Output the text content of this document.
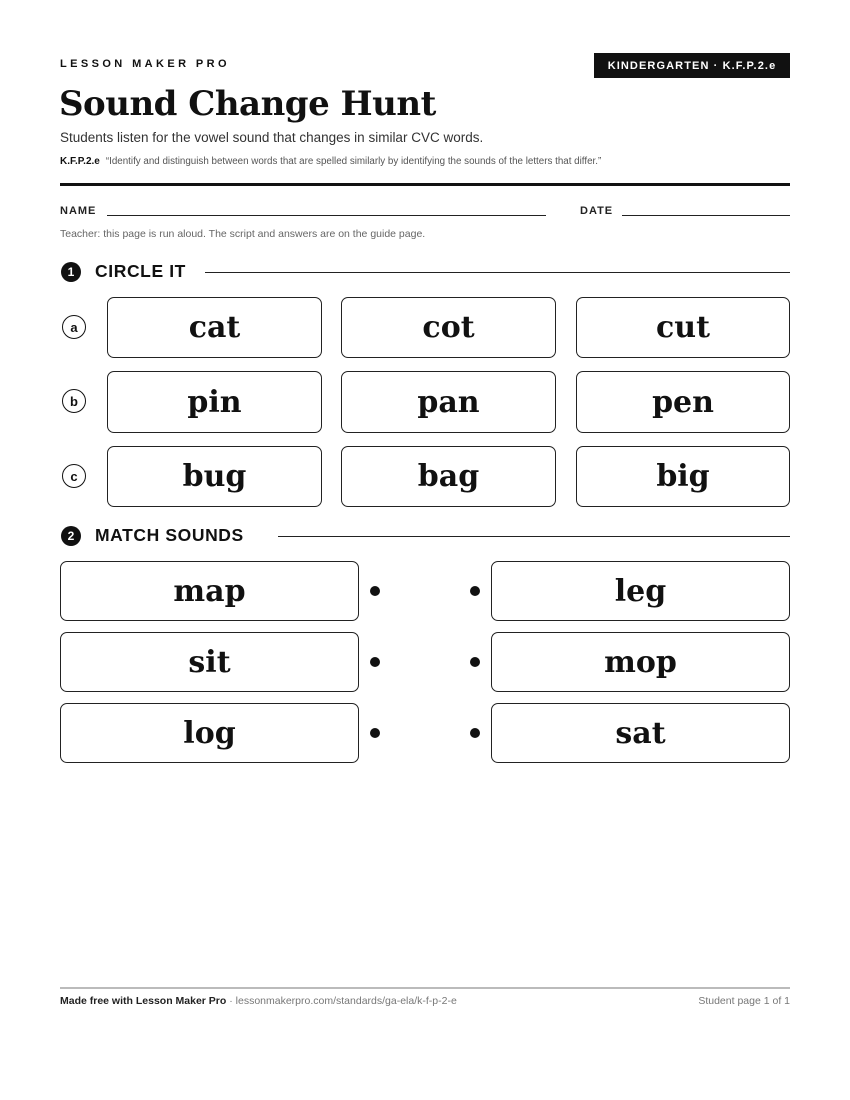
LESSON MAKER PRO	KINDERGARTEN · K.F.P.2.e
Sound Change Hunt
Students listen for the vowel sound that changes in similar CVC words.
K.F.P.2.e “Identify and distinguish between words that are spelled similarly by identifying the sounds of the letters that differ.”
NAME	DATE
Teacher: this page is run aloud. The script and answers are on the guide page.
1	CIRCLE IT
a	cat	cot	cut
b	pin	pan	pen
c	bug	bag	big
2	MATCH SOUNDS
map	leg
sit	mop
log	sat
Made free with Lesson Maker Pro · lessonmakerpro.com/standards/ga-ela/k-f-p-2-e	Student page 1 of 1
